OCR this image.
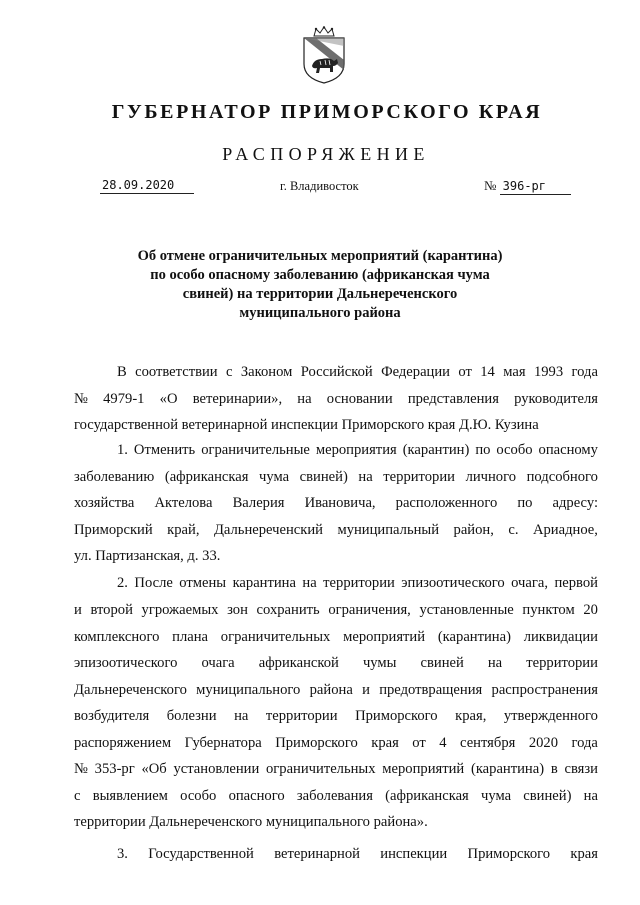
ГУБЕРНАТОР ПРИМОРСКОГО КРАЯ
РАСПОРЯЖЕНИЕ
28.09.2020	г. Владивосток	№ 396-рг
Об отмене ограничительных мероприятий (карантина)
по особо опасному заболеванию (африканская чума
свиней) на территории Дальнереченского
муниципального района
В соответствии с Законом Российской Федерации от 14 мая 1993 года
№ 4979-1 «О ветеринарии», на основании представления руководителя
государственной ветеринарной инспекции Приморского края Д.Ю. Кузина
1. Отменить ограничительные мероприятия (карантин) по особо опасному
заболеванию (африканская чума свиней) на территории личного подсобного
хозяйства Актелова Валерия Ивановича, расположенного по адресу:
Приморский край, Дальнереченский муниципальный район, с. Ариадное,
ул. Партизанская, д. 33.
2. После отмены карантина на территории эпизоотического очага, первой
и второй угрожаемых зон сохранить ограничения, установленные пунктом 20
комплексного плана ограничительных мероприятий (карантина) ликвидации
эпизоотического очага африканской чумы свиней на территории
Дальнереченского муниципального района и предотвращения распространения
возбудителя болезни на территории Приморского края, утвержденного
распоряжением Губернатора Приморского края от 4 сентября 2020 года
№ 353-рг «Об установлении ограничительных мероприятий (карантина) в связи
с выявлением особо опасного заболевания (африканская чума свиней) на
территории Дальнереченского муниципального района».
3. Государственной ветеринарной инспекции Приморского края
